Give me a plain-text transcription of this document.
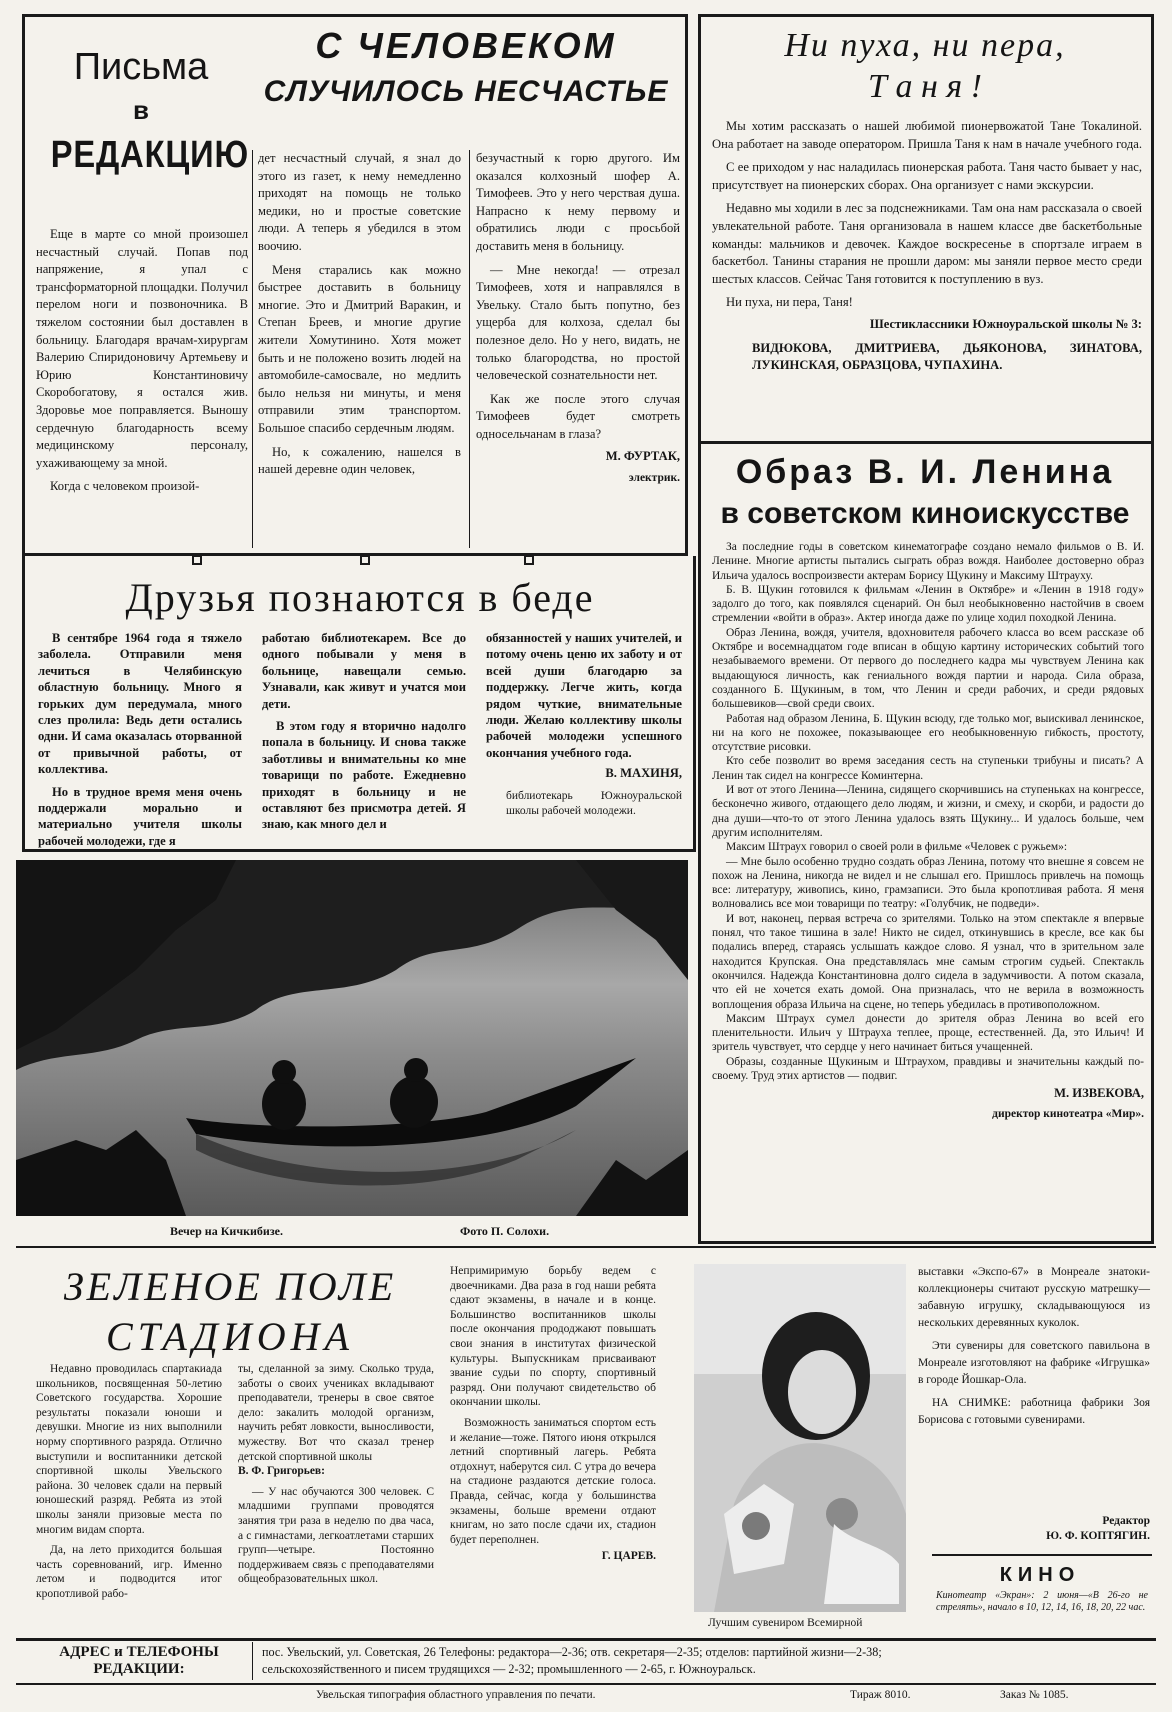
Письма
в
РЕДАКЦИЮ

Еще в марте со мной произошел несчастный случай. Попав под напряжение, я упал с трансформаторной площадки. Получил перелом ноги и позвоночника. В тяжелом состоянии был доставлен в больницу. Благодаря врачам-хирургам Валерию Спиридоновичу Артемьеву и Юрию Константиновичу Скоробогатову, я остался жив. Здоровье мое поправляется. Выношу сердечную благодарность всему медицинскому персоналу, ухаживающему за мной.

Когда с человеком произой-

С ЧЕЛОВЕКОМ
СЛУЧИЛОСЬ НЕСЧАСТЬЕ

дет несчастный случай, я знал до этого из газет, к нему немедленно приходят на помощь не только медики, но и простые советские люди. А теперь я убедился в этом воочию.

Меня старались как можно быстрее доставить в больницу многие. Это и Дмитрий Варакин, и Степан Бреев, и многие другие жители Хомутинино. Хотя может быть и не положено возить людей на автомобиле-самосвале, но медлить было нельзя ни минуты, и меня отправили этим транспортом. Большое спасибо сердечным людям.

Но, к сожалению, нашелся в нашей деревне один человек,

безучастный к горю другого. Им оказался колхозный шофер А. Тимофеев. Это у него черствая душа. Напрасно к нему первому и обратились люди с просьбой доставить меня в больницу.

— Мне некогда! — отрезал Тимофеев, хотя и направлялся в Увельку. Стало быть попутно, без ущерба для колхоза, сделал бы полезное дело. Но у него, видать, не только благородства, но простой человеческой сознательности нет.

Как же после этого случая Тимофеев будет смотреть односельчанам в глаза?

М. ФУРТАК,
электрик.
Друзья познаются в беде

В сентябре 1964 года я тяжело заболела. Отправили меня лечиться в Челябинскую областную больницу. Много я горьких дум передумала, много слез пролила: Ведь дети остались одни. И сама оказалась оторванной от привычной работы, от коллектива.

Но в трудное время меня очень поддержали морально и материально учителя школы рабочей молодежи, где я

работаю библиотекарем. Все до одного побывали у меня в больнице, навещали семью. Узнавали, как живут и учатся мои дети.

В этом году я вторично надолго попала в больницу. И снова также заботливы и внимательны ко мне товарищи по работе. Ежедневно приходят в больницу и не оставляют без присмотра детей. Я знаю, как много дел и

обязанностей у наших учителей, и потому очень ценю их заботу и от всей души благодарю за поддержку. Легче жить, когда рядом чуткие, внимательные люди. Желаю коллективу школы рабочей молодежи успешного окончания учебного года.

В. МАХИНЯ,
библиотекарь Южноуральской школы рабочей молодежи.
Ни пуха, ни пера,
Т а н я !

Мы хотим рассказать о нашей любимой пионервожатой Тане Токалиной. Она работает на заводе оператором. Пришла Таня к нам в начале учебного года.

С ее приходом у нас наладилась пионерская работа. Таня часто бывает у нас, присутствует на пионерских сборах. Она организует с нами экскурсии.

Недавно мы ходили в лес за подснежниками. Там она нам рассказала о своей увлекательной работе. Таня организовала в нашем классе две баскетбольные команды: мальчиков и девочек. Каждое воскресенье в спортзале играем в баскетбол. Танины старания не прошли даром: мы заняли первое место среди шестых классов. Сейчас Таня готовится к поступлению в вуз.

Ни пуха, ни пера, Таня!

Шестиклассники Южноуральской школы № 3:
ВИДЮКОВА, ДМИТРИЕВА, ДЬЯКОНОВА, ЗИНАТОВА, ЛУКИНСКАЯ, ОБРАЗЦОВА, ЧУПАХИНА.
Образ В. И. Ленина
в советском киноискусстве

За последние годы в советском кинематографе создано немало фильмов о В. И. Ленине. Многие артисты пытались сыграть образ вождя. Наиболее достоверно образ Ильича удалось воспроизвести актерам Борису Щукину и Максиму Штрауху.

Б. В. Щукин готовился к фильмам «Ленин в Октябре» и «Ленин в 1918 году» задолго до того, как появлялся сценарий. Он был необыкновенно настойчив в своем стремлении «войти в образ». Актер иногда даже по улице ходил походкой Ленина.

Образ Ленина, вождя, учителя, вдохновителя рабочего класса во всем рассказе об Октябре и восемнадцатом годе вписан в общую картину исторических событий того незабываемого времени. От первого до последнего кадра мы чувствуем Ленина как выдающуюся личность, как гениального вождя партии и народа. Сила образа, созданного Б. Щукиным, в том, что Ленин и среди рабочих, и среди рядовых большевиков—свой среди своих.

Работая над образом Ленина, Б. Щукин всюду, где только мог, выискивал ленинское, ни на кого не похожее, показывающее его необыкновенную гибкость, простоту, отсутствие рисовки.

Кто себе позволит во время заседания сесть на ступеньки трибуны и писать? А Ленин так сидел на конгрессе Коминтерна.

И вот от этого Ленина—Ленина, сидящего скорчившись на ступеньках на конгрессе, бесконечно живого, отдающего дело людям, и жизни, и смеху, и скорби, и радости до дна души—что-то от этого Ленина удалось взять Щукину... И удалось больше, чем другим исполнителям.

Максим Штраух говорил о своей роли в фильме «Человек с ружьем»:

— Мне было особенно трудно создать образ Ленина, потому что внешне я совсем не похож на Ленина, никогда не видел и не слышал его. Пришлось привлечь на помощь все: литературу, живопись, кино, грамзаписи. Это была кропотливая работа. Я меня волновались все мои товарищи по театру: «Голубчик, не подведи».

И вот, наконец, первая встреча со зрителями. Только на этом спектакле я впервые понял, что такое тишина в зале! Никто не сидел, откинувшись в кресле, все как бы подались вперед, стараясь услышать каждое слово. Я узнал, что в зрительном зале находится Крупская. Она представлялась мне самым строгим судьей. Спектакль окончился. Надежда Константиновна долго сидела в задумчивости. А потом сказала, что ей не хочется ехать домой. Она призналась, что не верила в возможность воплощения образа Ильича на сцене, но теперь убедилась в противоположном.

Максим Штраух сумел донести до зрителя образ Ленина во всей его пленительности. Ильич у Штрауха теплее, проще, естественней. Да, это Ильич! И зритель чувствует, что сердце у него начинает биться учащенней.

Образы, созданные Щукиным и Штраухом, правдивы и значительны каждый по-своему. Труд этих артистов — подвиг.

М. ИЗВЕКОВА,
директор кинотеатра «Мир».
Вечер на Кичкибизе.	Фото П. Солохи.
ЗЕЛЕНОЕ ПОЛЕ
СТАДИОНА

Недавно проводилась спартакиада школьников, посвященная 50-летию Советского государства. Хорошие результаты показали юноши и девушки. Многие из них выполнили норму спортивного разряда. Отлично выступили и воспитанники детской спортивной школы Увельского района. 30 человек сдали на первый юношеский разряд. Ребята из этой школы заняли призовые места по многим видам спорта.

Да, на лето приходится большая часть соревнований, игр. Именно летом и подводится итог кропотливой рабо-

ты, сделанной за зиму. Сколько труда, заботы о своих учениках вкладывают преподаватели, тренеры в свое святое дело: закалить молодой организм, научить ребят ловкости, выносливости, мужеству. Вот что сказал тренер детской спортивной школы

В. Ф. Григорьев:

— У нас обучаются 300 человек. С младшими группами проводятся занятия три раза в неделю по два часа, а с гимнастами, легкоатлетами старших групп—четыре. Постоянно поддерживаем связь с преподавателями общеобразовательных школ.

Непримиримую борьбу ведем с двоечниками. Два раза в год наши ребята сдают экзамены, в начале и в конце. Большинство воспитанников школы после окончания прододжают повышать свои знания в институтах физической культуры. Выпускникам присваивают звание судьи по спорту, спортивный разряд. Они получают свидетельство об окончании школы.

Возможность заниматься спортом есть и желание—тоже. Пятого июня открылся летний спортивный лагерь. Ребята отдохнут, наберутся сил. С утра до вечера на стадионе раздаются детские голоса. Правда, сейчас, когда у большинства экзамены, больше времени отдают книгам, но зато после сдачи их, стадион будет переполнен.

Г. ЦАРЕВ.
Лучшим сувениром Всемирной

выставки «Экспо-67» в Монреале знатоки-коллекционеры считают русскую матрешку—забавную игрушку, складывающуюся из нескольких деревянных куколок.

Эти сувениры для советского павильона в Монреале изготовляют на фабрике «Игрушка» в городе Йошкар-Ола.

НА СНИМКЕ: работница фабрики Зоя Борисова с готовыми сувенирами.

Редактор
Ю. Ф. КОПТЯГИН.
КИНО
Кинотеатр «Экран»: 2 июня—«В 26-го не стрелять», начало в 10, 12, 14, 16, 18, 20, 22 час.
АДРЕС и ТЕЛЕФОНЫ
РЕДАКЦИИ:
пос. Увельский, ул. Советская, 26 Телефоны: редактора—2-36; отв. секретаря—2-35; отделов: партийной жизни—2-38;
сельскохозяйственного и писем трудящихся — 2-32; промышленного — 2-65, г. Южноуральск.
Увельская типография областного управления по печати.	Тираж 8010.	Заказ № 1085.
